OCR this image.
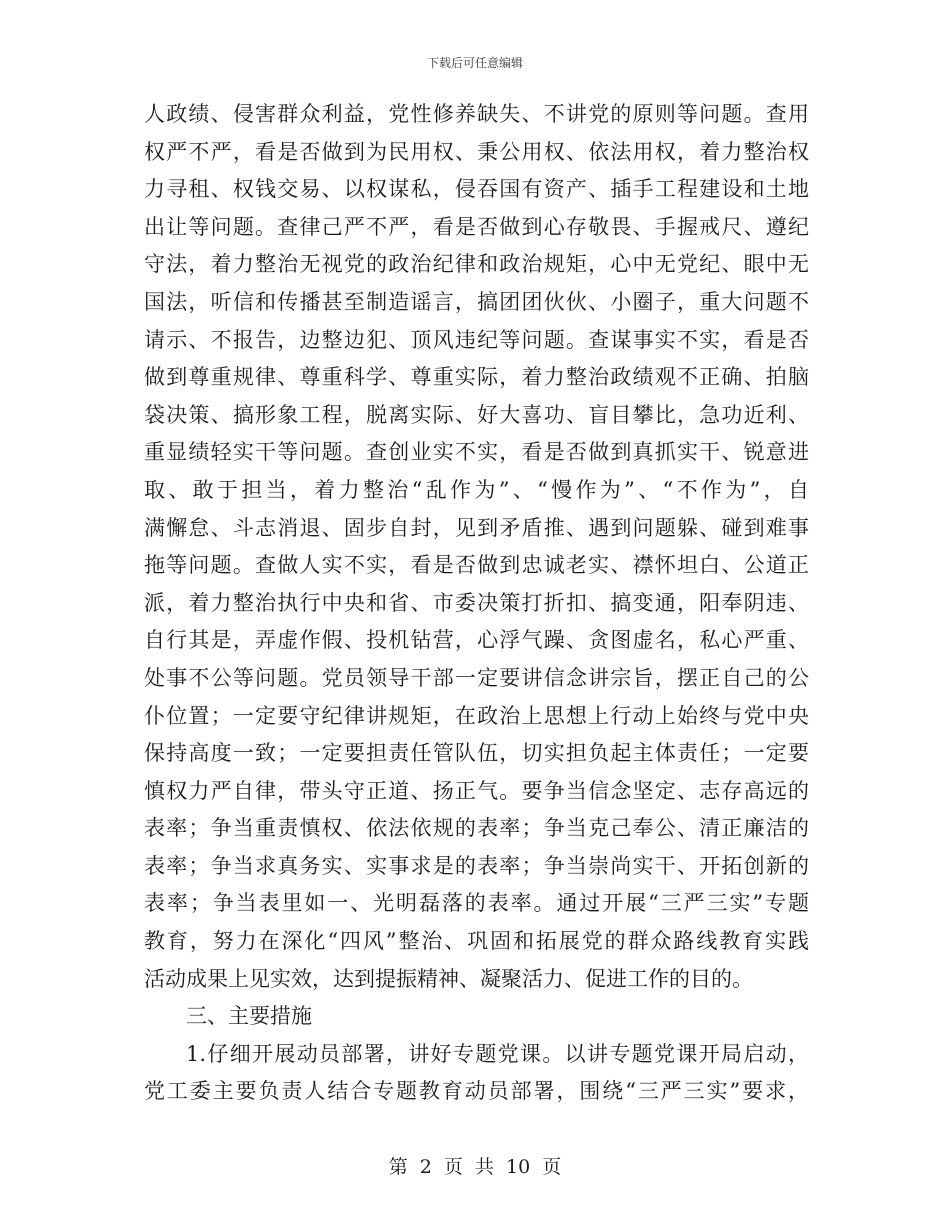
下载后可任意编辑
人政绩、侵害群众利益，党性修养缺失、不讲党的原则等问题。查用
权严不严，看是否做到为民用权、秉公用权、依法用权，着力整治权
力寻租、权钱交易、以权谋私，侵吞国有资产、插手工程建设和土地
出让等问题。查律己严不严，看是否做到心存敬畏、手握戒尺、遵纪
守法，着力整治无视党的政治纪律和政治规矩，心中无党纪、眼中无
国法，听信和传播甚至制造谣言，搞团团伙伙、小圈子，重大问题不
请示、不报告，边整边犯、顶风违纪等问题。查谋事实不实，看是否
做到尊重规律、尊重科学、尊重实际，着力整治政绩观不正确、拍脑
袋决策、搞形象工程，脱离实际、好大喜功、盲目攀比，急功近利、
重显绩轻实干等问题。查创业实不实，看是否做到真抓实干、锐意进
取、敢于担当，着力整治“乱作为”、“慢作为”、“不作为”，自
满懈怠、斗志消退、固步自封，见到矛盾推、遇到问题躲、碰到难事
拖等问题。查做人实不实，看是否做到忠诚老实、襟怀坦白、公道正
派，着力整治执行中央和省、市委决策打折扣、搞变通，阳奉阴违、
自行其是，弄虚作假、投机钻营，心浮气躁、贪图虚名，私心严重、
处事不公等问题。党员领导干部一定要讲信念讲宗旨，摆正自己的公
仆位置；一定要守纪律讲规矩，在政治上思想上行动上始终与党中央
保持高度一致；一定要担责任管队伍，切实担负起主体责任；一定要
慎权力严自律，带头守正道、扬正气。要争当信念坚定、志存高远的
表率；争当重责慎权、依法依规的表率；争当克己奉公、清正廉洁的
表率；争当求真务实、实事求是的表率；争当崇尚实干、开拓创新的
表率；争当表里如一、光明磊落的表率。通过开展“三严三实”专题
教育，努力在深化“四风”整治、巩固和拓展党的群众路线教育实践
活动成果上见实效，达到提振精神、凝聚活力、促进工作的目的。
三、主要措施
1.仔细开展动员部署，讲好专题党课。以讲专题党课开局启动，
党工委主要负责人结合专题教育动员部署，围绕“三严三实”要求，
第 2 页 共 10 页
